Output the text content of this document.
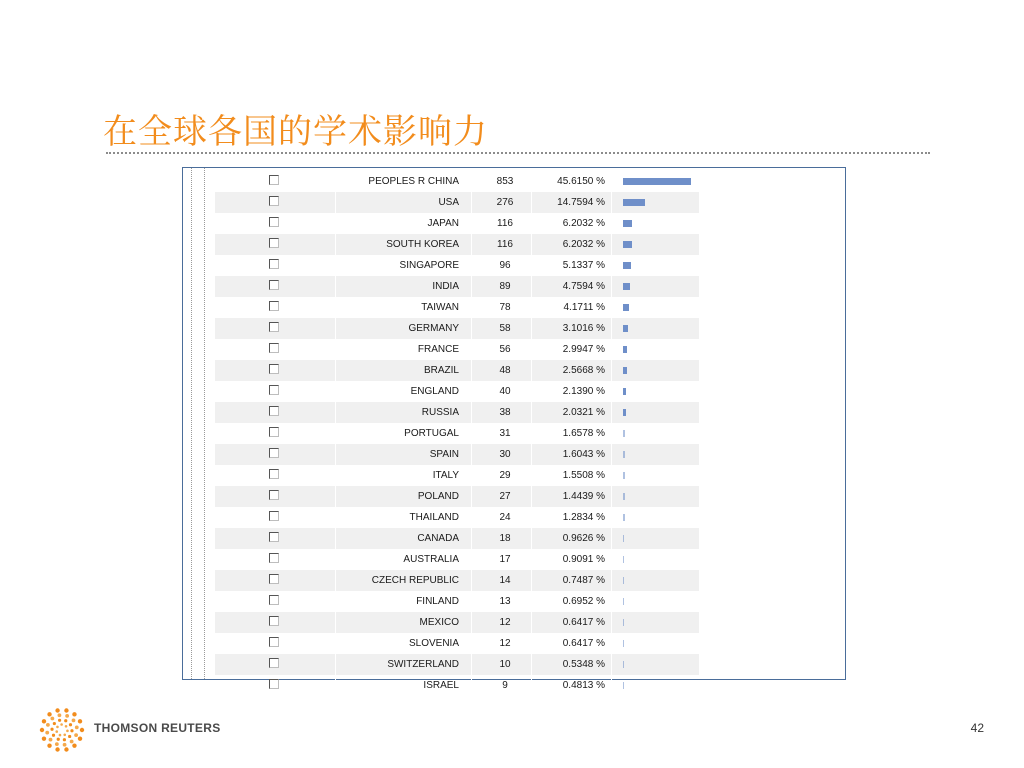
在全球各国的学术影响力
PEOPLES R CHINA	853	45.6150 %
USA	276	14.7594 %
JAPAN	116	6.2032 %
SOUTH KOREA	116	6.2032 %
SINGAPORE	96	5.1337 %
INDIA	89	4.7594 %
TAIWAN	78	4.1711 %
GERMANY	58	3.1016 %
FRANCE	56	2.9947 %
BRAZIL	48	2.5668 %
ENGLAND	40	2.1390 %
RUSSIA	38	2.0321 %
PORTUGAL	31	1.6578 %
SPAIN	30	1.6043 %
ITALY	29	1.5508 %
POLAND	27	1.4439 %
THAILAND	24	1.2834 %
CANADA	18	0.9626 %
AUSTRALIA	17	0.9091 %
CZECH REPUBLIC	14	0.7487 %
FINLAND	13	0.6952 %
MEXICO	12	0.6417 %
SLOVENIA	12	0.6417 %
SWITZERLAND	10	0.5348 %
ISRAEL	9	0.4813 %
THOMSON REUTERS	42
